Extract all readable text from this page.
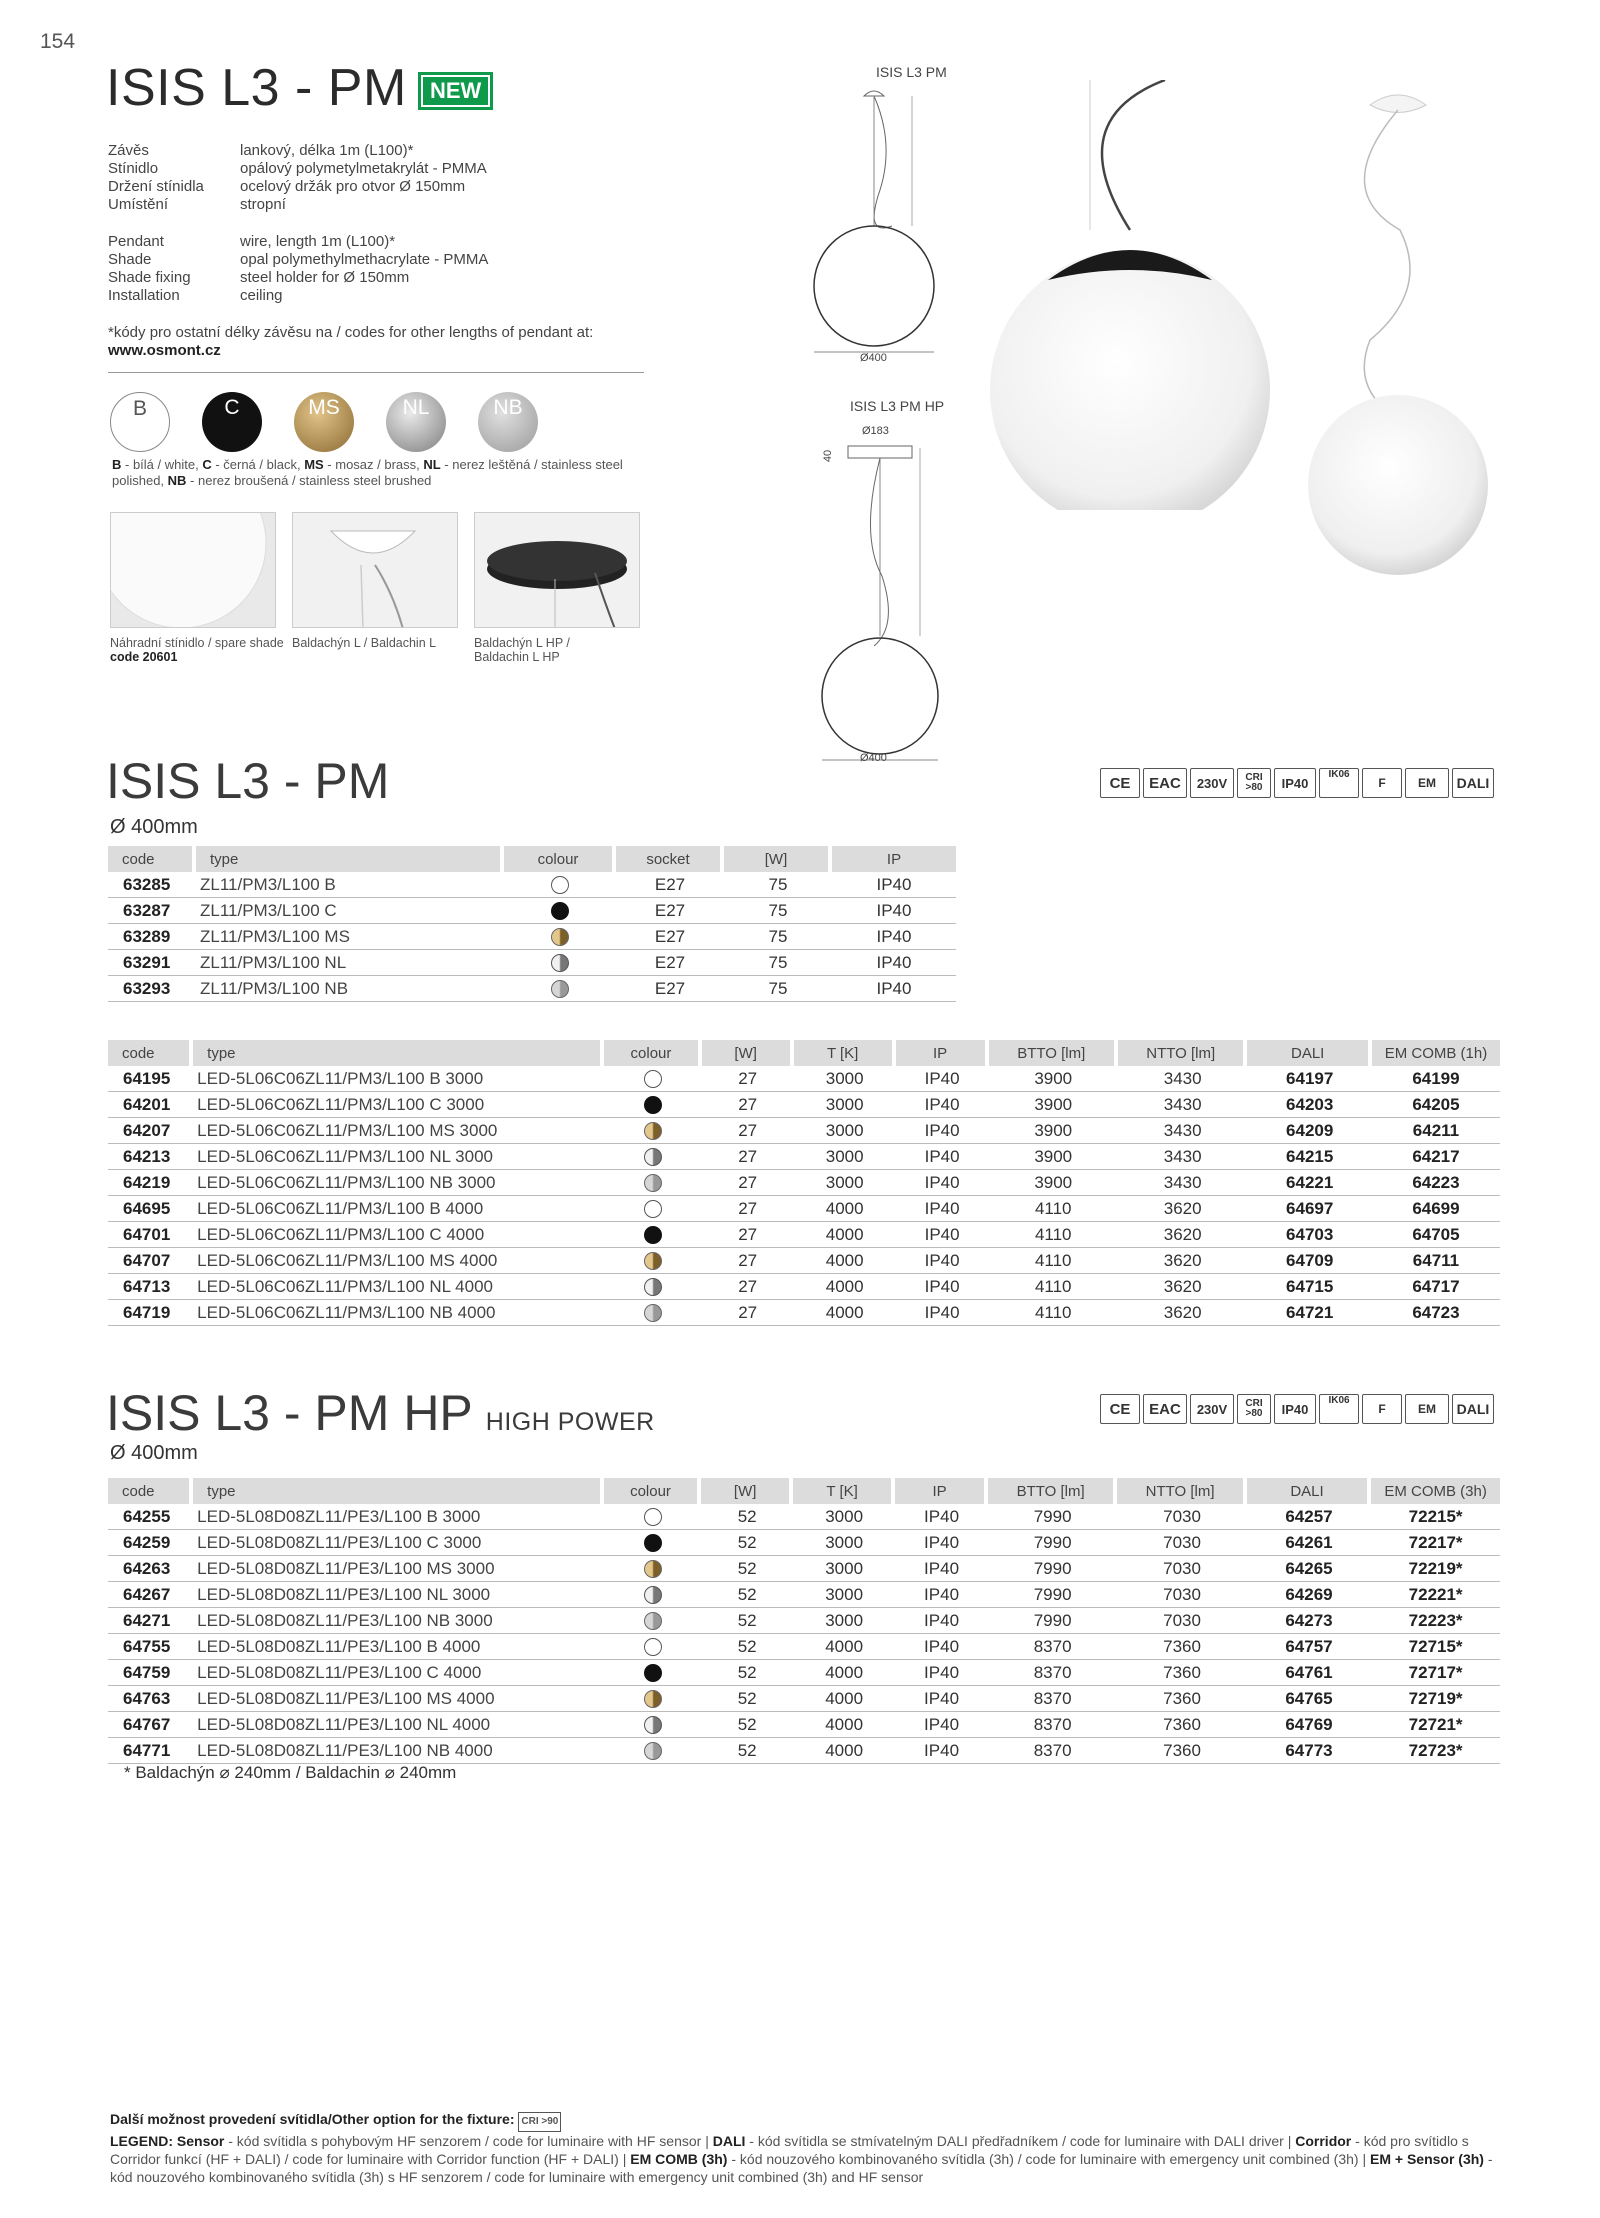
154
ISIS L3 - PM	NEW
Závěs	lankový, délka 1m (L100)*
Stínidlo	opálový polymetylmetakrylát - PMMA
Držení stínidla	ocelový držák pro otvor Ø 150mm
Umístění	stropní
Pendant	wire, length 1m (L100)*
Shade	opal polymethylmethacrylate - PMMA
Shade fixing	steel holder for Ø 150mm
Installation	ceiling
*kódy pro ostatní délky závěsu na / codes for other lengths of pendant at:
www.osmont.cz
B	C	MS	NL	NB
B - bílá / white, C - černá / black, MS - mosaz / brass, NL - nerez leštěná / stainless steel polished, NB - nerez broušená / stainless steel brushed
Náhradní stínidlo / spare shade
code 20601
Baldachýn L / Baldachin L	Baldachýn L HP /
Baldachin L HP
ISIS L3 PM
Ø400
ISIS L3 PM HP
Ø183
40
Ø400
ISIS L3 - PM
Ø 400mm
CE	EAC	230V	CRI >80	IP40
IK06
F	EM	DALI
code	type	colour	socket	[W]	IP
63285	ZL11/PM3/L100 B		E27	75	IP40
63287	ZL11/PM3/L100 C		E27	75	IP40
63289	ZL11/PM3/L100 MS		E27	75	IP40
63291	ZL11/PM3/L100 NL		E27	75	IP40
63293	ZL11/PM3/L100 NB		E27	75	IP40
code	type	colour	[W]	T [K]	IP	BTTO [lm]	NTTO [lm]	DALI	EM COMB (1h)
64195	LED-5L06C06ZL11/PM3/L100 B 3000		27	3000	IP40	3900	3430	64197	64199
64201	LED-5L06C06ZL11/PM3/L100 C 3000		27	3000	IP40	3900	3430	64203	64205
64207	LED-5L06C06ZL11/PM3/L100 MS 3000		27	3000	IP40	3900	3430	64209	64211
64213	LED-5L06C06ZL11/PM3/L100 NL 3000		27	3000	IP40	3900	3430	64215	64217
64219	LED-5L06C06ZL11/PM3/L100 NB 3000		27	3000	IP40	3900	3430	64221	64223
64695	LED-5L06C06ZL11/PM3/L100 B 4000		27	4000	IP40	4110	3620	64697	64699
64701	LED-5L06C06ZL11/PM3/L100 C 4000		27	4000	IP40	4110	3620	64703	64705
64707	LED-5L06C06ZL11/PM3/L100 MS 4000		27	4000	IP40	4110	3620	64709	64711
64713	LED-5L06C06ZL11/PM3/L100 NL 4000		27	4000	IP40	4110	3620	64715	64717
64719	LED-5L06C06ZL11/PM3/L100 NB 4000		27	4000	IP40	4110	3620	64721	64723
ISIS L3 - PM HP HIGH POWER
Ø 400mm
CE	EAC	230V	CRI >80	IP40
IK06
F	EM	DALI
code	type	colour	[W]	T [K]	IP	BTTO [lm]	NTTO [lm]	DALI	EM COMB (3h)
64255	LED-5L08D08ZL11/PE3/L100 B 3000		52	3000	IP40	7990	7030	64257	72215*
64259	LED-5L08D08ZL11/PE3/L100 C 3000		52	3000	IP40	7990	7030	64261	72217*
64263	LED-5L08D08ZL11/PE3/L100 MS 3000		52	3000	IP40	7990	7030	64265	72219*
64267	LED-5L08D08ZL11/PE3/L100 NL 3000		52	3000	IP40	7990	7030	64269	72221*
64271	LED-5L08D08ZL11/PE3/L100 NB 3000		52	3000	IP40	7990	7030	64273	72223*
64755	LED-5L08D08ZL11/PE3/L100 B 4000		52	4000	IP40	8370	7360	64757	72715*
64759	LED-5L08D08ZL11/PE3/L100 C 4000		52	4000	IP40	8370	7360	64761	72717*
64763	LED-5L08D08ZL11/PE3/L100 MS 4000		52	4000	IP40	8370	7360	64765	72719*
64767	LED-5L08D08ZL11/PE3/L100 NL 4000		52	4000	IP40	8370	7360	64769	72721*
64771	LED-5L08D08ZL11/PE3/L100 NB 4000		52	4000	IP40	8370	7360	64773	72723*
* Baldachýn ⌀ 240mm / Baldachin ⌀ 240mm
Další možnost provedení svítidla/Other option for the fixture: CRI >90
LEGEND: Sensor - kód svítidla s pohybovým HF senzorem / code for luminaire with HF sensor | DALI - kód svítidla se stmívatelným DALI předřadníkem / code for luminaire with DALI driver | Corridor - kód pro svítidlo s Corridor funkcí (HF + DALI) / code for luminaire with Corridor function (HF + DALI) | EM COMB (3h) - kód nouzového kombinovaného svítidla (3h) / code for luminaire with emergency unit combined (3h) | EM + Sensor (3h) - kód nouzového kombinovaného svítidla (3h) s HF senzorem / code for luminaire with emergency unit combined (3h) and HF sensor
